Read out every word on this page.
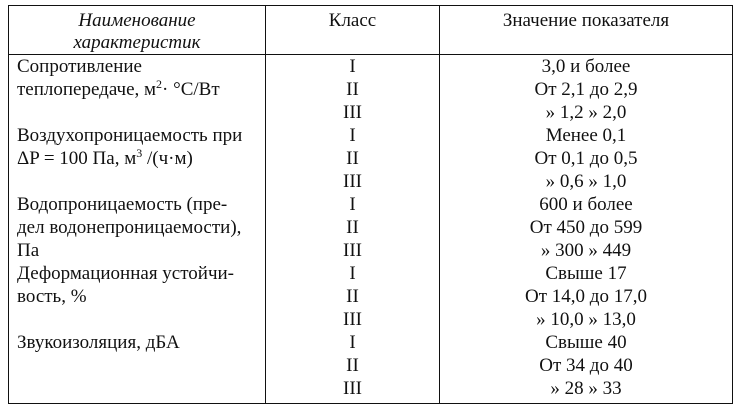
Наименование
характеристик	Класс	Значение показателя
Сопротивление	I	3,0 и более
теплопередаче, $м^2\cdot ^\circ С/Вт$	II	От 2,1 до 2,9
	III	» 1,2 » 2,0
Воздухопроницаемость при	I	Менее 0,1
ΔP = 100 Па, $м^3$ /(ч·м)	II	От 0,1 до 0,5
	III	» 0,6 » 1,0
Водопроницаемость (пре-	I	600 и более
дел водонепроницаемости),	II	От 450 до 599
Па	III	» 300 » 449
Деформационная устойчи-	I	Свыше 17
вость, %	II	От 14,0 до 17,0
	III	» 10,0 » 13,0
Звукоизоляция, дБА	I	Свыше 40
	II	От 34 до 40
	III	» 28 » 33
